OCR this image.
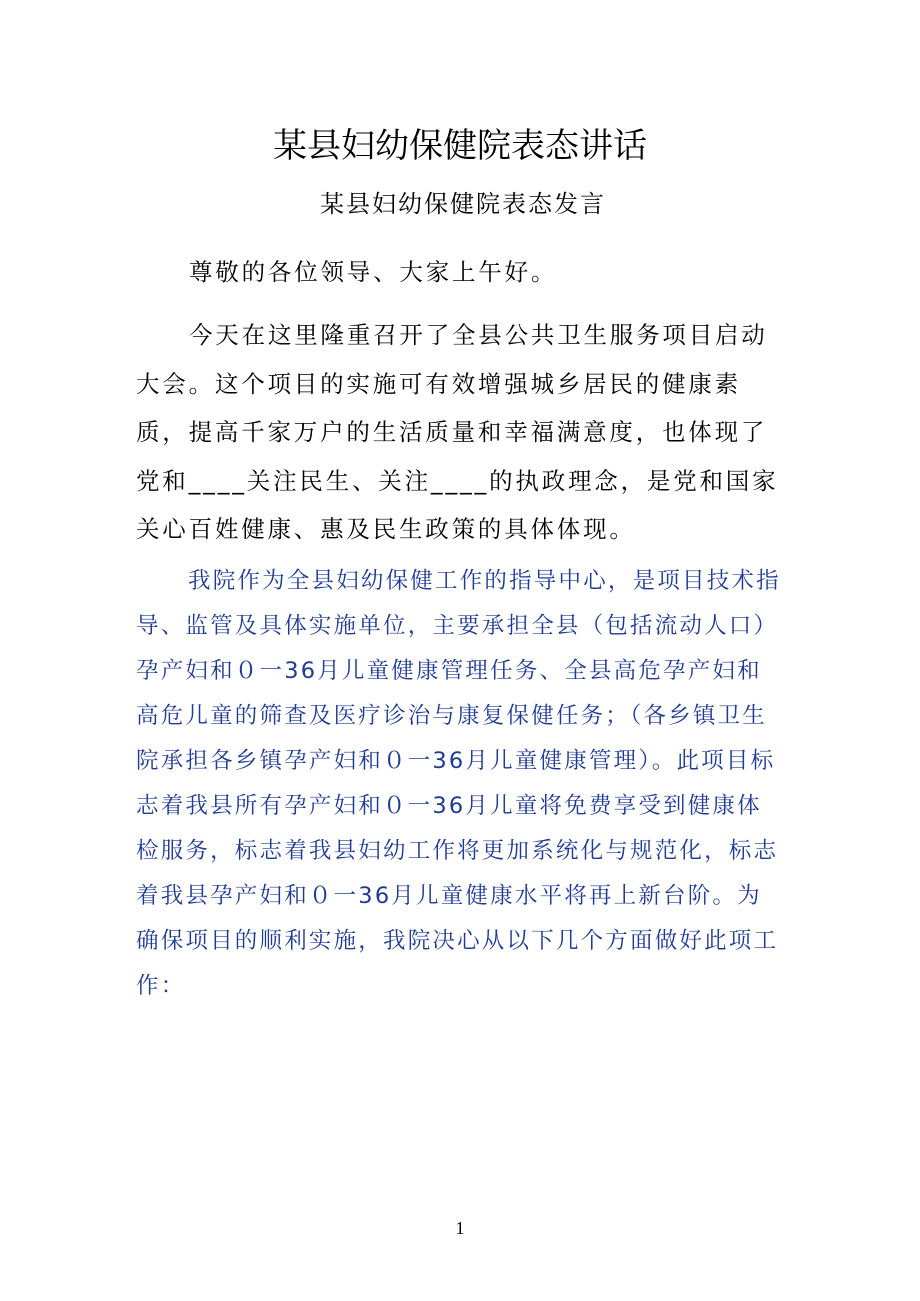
某县妇幼保健院表态讲话
某县妇幼保健院表态发言
尊敬的各位领导、大家上午好。
今天在这里隆重召开了全县公共卫生服务项目启动大会。这个项目的实施可有效增强城乡居民的健康素质，提高千家万户的生活质量和幸福满意度，也体现了党和____关注民生、关注____的执政理念，是党和国家关心百姓健康、惠及民生政策的具体体现。
我院作为全县妇幼保健工作的指导中心，是项目技术指导、监管及具体实施单位，主要承担全县（包括流动人口）孕产妇和０一36月儿童健康管理任务、全县高危孕产妇和高危儿童的筛查及医疗诊治与康复保健任务；（各乡镇卫生院承担各乡镇孕产妇和０一36月儿童健康管理）。此项目标志着我县所有孕产妇和０一36月儿童将免费享受到健康体检服务，标志着我县妇幼工作将更加系统化与规范化，标志着我县孕产妇和０一36月儿童健康水平将再上新台阶。为确保项目的顺利实施，我院决心从以下几个方面做好此项工作：
1
